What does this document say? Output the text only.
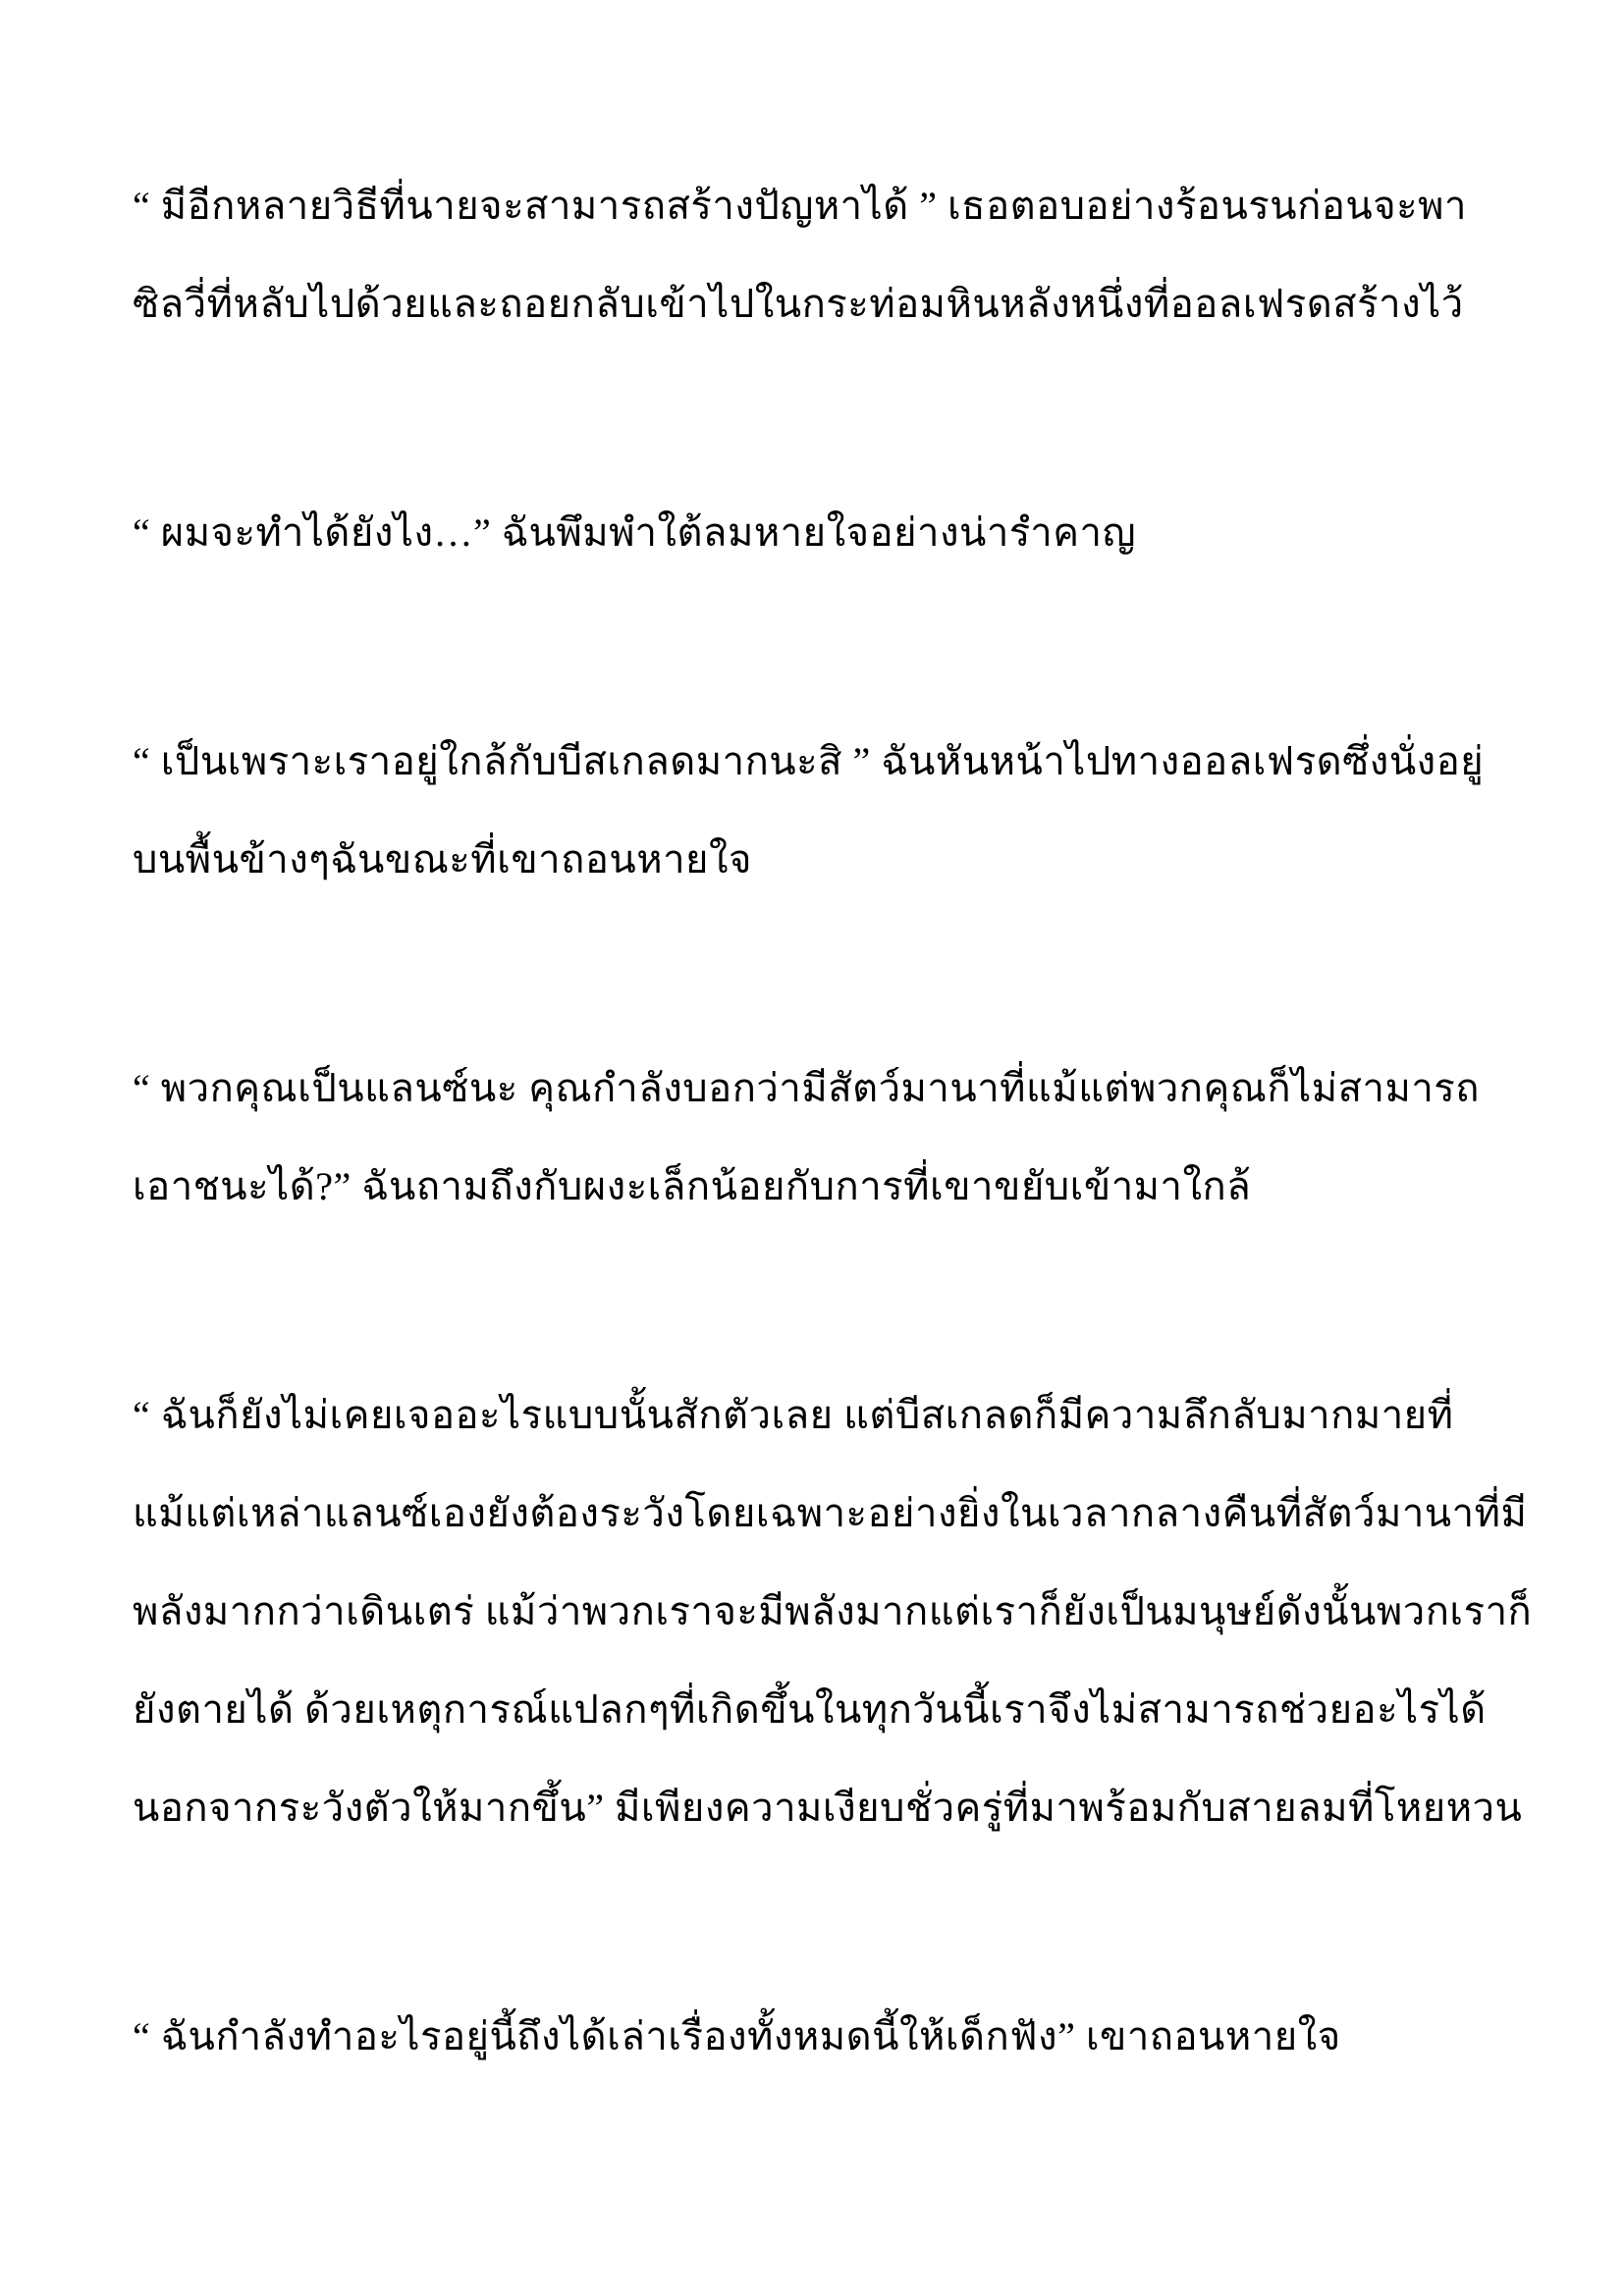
“ มีอีกหลายวิธีที่นายจะสามารถสร้างปัญหาได้ ” เธอตอบอย่างร้อนรนก่อนจะพา
ซิลวี่ที่หลับไปด้วยและถอยกลับเข้าไปในกระท่อมหินหลังหนึ่งที่ออลเฟรดสร้างไว้

“ ผมจะทำได้ยังไง…” ฉันพึมพำใต้ลมหายใจอย่างน่ารำคาญ

“ เป็นเพราะเราอยู่ใกล้กับบีสเกลดมากนะสิ ” ฉันหันหน้าไปทางออลเฟรดซึ่งนั่งอยู่
บนพื้นข้างๆฉันขณะที่เขาถอนหายใจ

“ พวกคุณเป็นแลนซ์นะ คุณกำลังบอกว่ามีสัตว์มานาที่แม้แต่พวกคุณก็ไม่สามารถ
เอาชนะได้?” ฉันถามถึงกับผงะเล็กน้อยกับการที่เขาขยับเข้ามาใกล้

“ ฉันก็ยังไม่เคยเจออะไรแบบนั้นสักตัวเลย แต่บีสเกลดก็มีความลึกลับมากมายที่
แม้แต่เหล่าแลนซ์เองยังต้องระวังโดยเฉพาะอย่างยิ่งในเวลากลางคืนที่สัตว์มานาที่มี
พลังมากกว่าเดินเตร่ แม้ว่าพวกเราจะมีพลังมากแต่เราก็ยังเป็นมนุษย์ดังนั้นพวกเราก็
ยังตายได้ ด้วยเหตุการณ์แปลกๆที่เกิดขึ้นในทุกวันนี้เราจึงไม่สามารถช่วยอะไรได้
นอกจากระวังตัวให้มากขึ้น” มีเพียงความเงียบชั่วครู่ที่มาพร้อมกับสายลมที่โหยหวน

“ ฉันกำลังทำอะไรอยู่นี้ถึงได้เล่าเรื่องทั้งหมดนี้ให้เด็กฟัง” เขาถอนหายใจ
